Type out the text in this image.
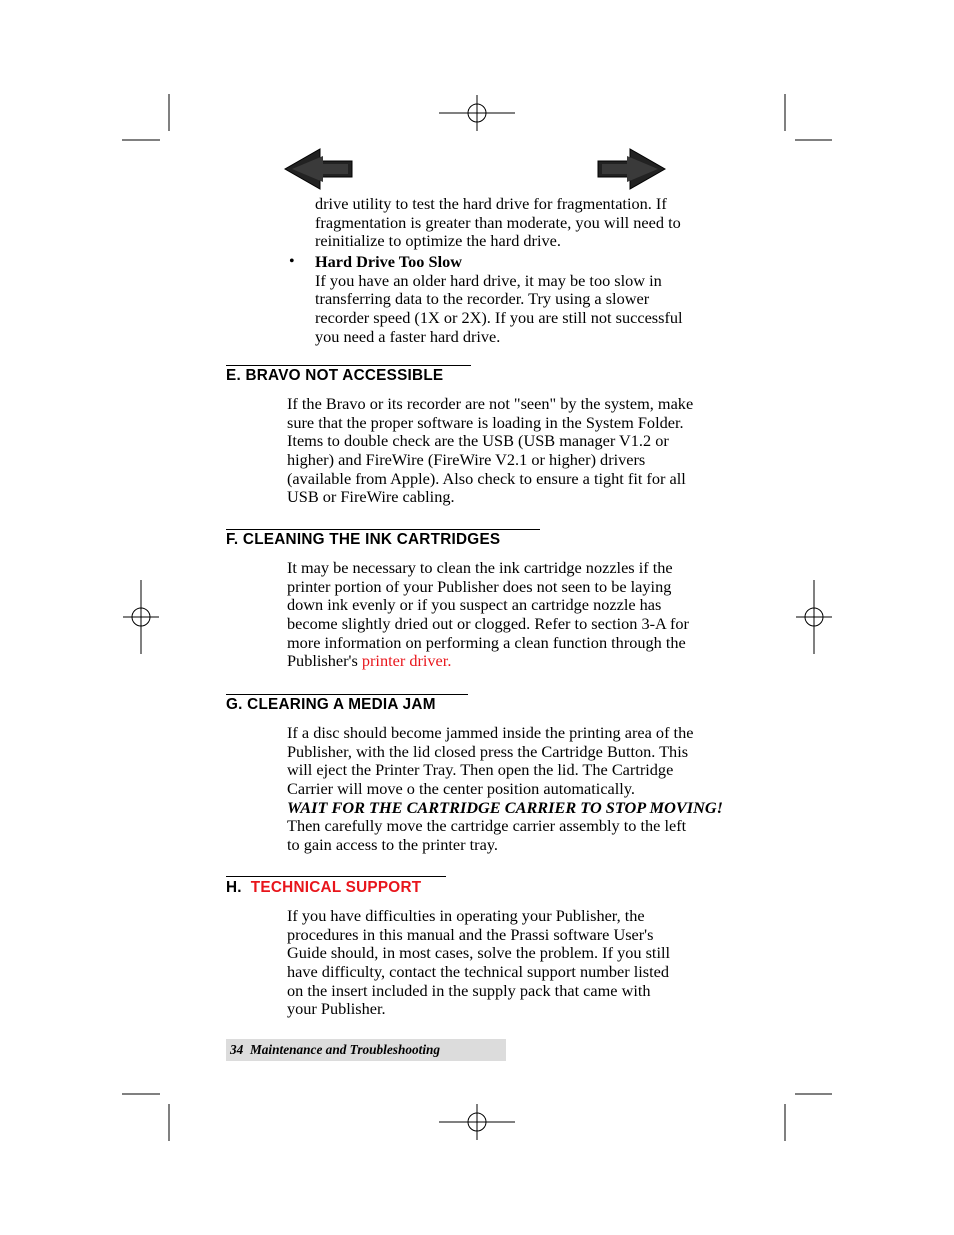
drive utility to test the hard drive for fragmentation. If
fragmentation is greater than moderate, you will need to
reinitialize to optimize the hard drive.
• Hard Drive Too Slow
If you have an older hard drive, it may be too slow in
transferring data to the recorder. Try using a slower
recorder speed (1X or 2X). If you are still not successful
you need a faster hard drive.
E. BRAVO NOT ACCESSIBLE
If the Bravo or its recorder are not "seen" by the system, make
sure that the proper software is loading in the System Folder.
Items to double check are the USB (USB manager V1.2 or
higher) and FireWire (FireWire V2.1 or higher) drivers
(available from Apple). Also check to ensure a tight fit for all
USB or FireWire cabling.
F. CLEANING THE INK CARTRIDGES
It may be necessary to clean the ink cartridge nozzles if the
printer portion of your Publisher does not seen to be laying
down ink evenly or if you suspect an cartridge nozzle has
become slightly dried out or clogged. Refer to section 3-A for
more information on performing a clean function through the
Publisher's printer driver.
G. CLEARING A MEDIA JAM
If a disc should become jammed inside the printing area of the
Publisher, with the lid closed press the Cartridge Button. This
will eject the Printer Tray. Then open the lid. The Cartridge
Carrier will move o the center position automatically.
WAIT FOR THE CARTRIDGE CARRIER TO STOP MOVING!
Then carefully move the cartridge carrier assembly to the left
to gain access to the printer tray.
H.  TECHNICAL SUPPORT
If you have difficulties in operating your Publisher, the
procedures in this manual and the Prassi software User's
Guide should, in most cases, solve the problem. If you still
have difficulty, contact the technical support number listed
on the insert included in the supply pack that came with
your Publisher.
34  Maintenance and Troubleshooting
